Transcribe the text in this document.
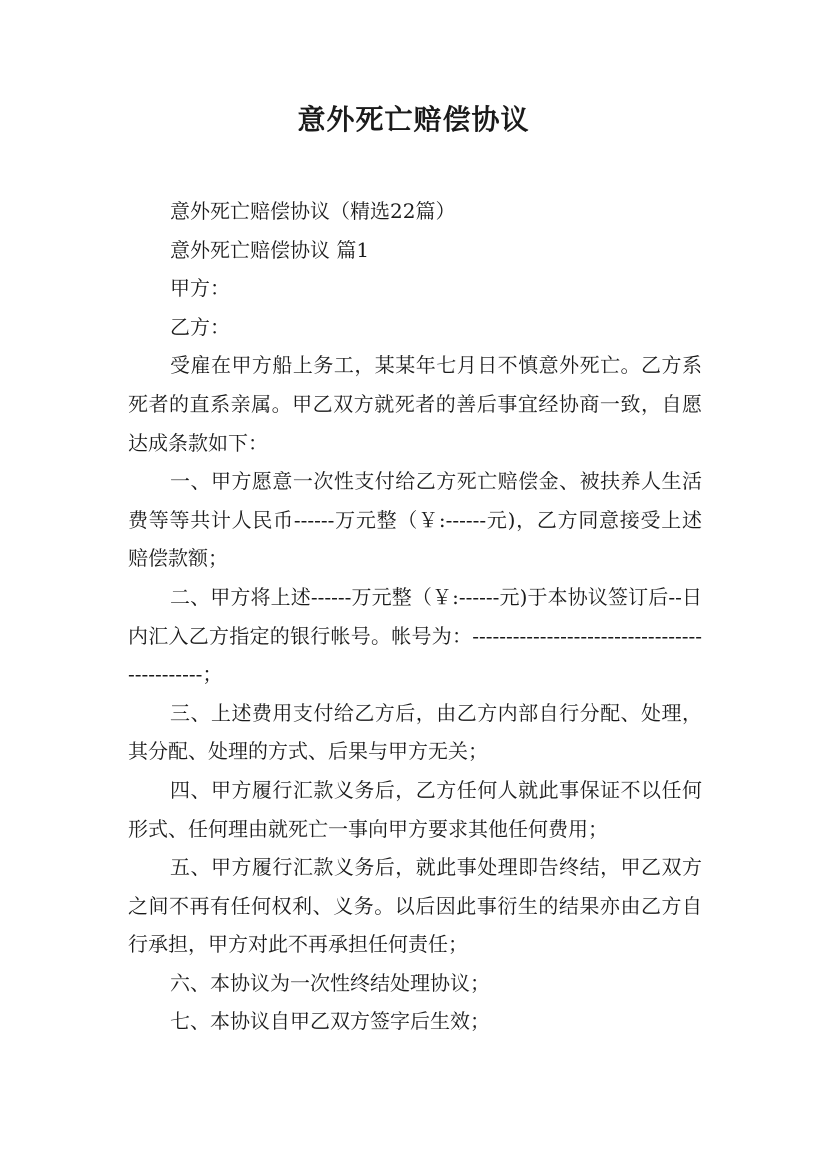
意外死亡赔偿协议

意外死亡赔偿协议（精选22篇）

意外死亡赔偿协议 篇1

甲方：

乙方：

受雇在甲方船上务工，某某年七月日不慎意外死亡。乙方系死者的直系亲属。甲乙双方就死者的善后事宜经协商一致，自愿达成条款如下：

一、甲方愿意一次性支付给乙方死亡赔偿金、被扶养人生活费等等共计人民币------万元整（￥:------元)，乙方同意接受上述赔偿款额；

二、甲方将上述------万元整（￥:------元)于本协议签订后--日内汇入乙方指定的银行帐号。帐号为：---------------------------------------------；

三、上述费用支付给乙方后，由乙方内部自行分配、处理，其分配、处理的方式、后果与甲方无关；

四、甲方履行汇款义务后，乙方任何人就此事保证不以任何形式、任何理由就死亡一事向甲方要求其他任何费用；

五、甲方履行汇款义务后，就此事处理即告终结，甲乙双方之间不再有任何权利、义务。以后因此事衍生的结果亦由乙方自行承担，甲方对此不再承担任何责任；

六、本协议为一次性终结处理协议；

七、本协议自甲乙双方签字后生效；
